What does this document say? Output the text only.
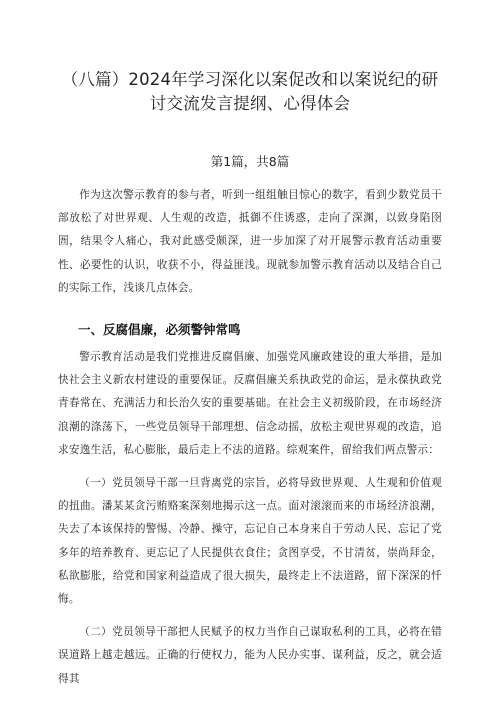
（八篇）2024年学习深化以案促改和以案说纪的研
讨交流发言提纲、心得体会
第1篇，共8篇

作为这次警示教育的参与者，听到一组组触目惊心的数字，看到少数党员干部放松了对世界观、人生观的改造，抵御不住诱惑，走向了深渊，以致身陷囹圄，结果令人痛心，我对此感受颇深，进一步加深了对开展警示教育活动重要性、必要性的认识，收获不小，得益匪浅。现就参加警示教育活动以及结合自己的实际工作，浅谈几点体会。

一、反腐倡廉，必须警钟常鸣

警示教育活动是我们党推进反腐倡廉、加强党风廉政建设的重大举措，是加快社会主义新农村建设的重要保证。反腐倡廉关系执政党的命运，是永葆执政党青春常在、充满活力和长治久安的重要基础。在社会主义初级阶段，在市场经济浪潮的涤荡下，一些党员领导干部理想、信念动摇，放松主观世界观的改造，追求安逸生活，私心膨胀，最后走上不法的道路。综观案件，留给我们两点警示：

（一）党员领导干部一旦背离党的宗旨，必将导致世界观、人生观和价值观的扭曲。潘某某贪污贿赂案深刻地揭示这一点。面对滚滚而来的市场经济浪潮，失去了本该保持的警惕、冷静、操守，忘记自己本身来自于劳动人民、忘记了党多年的培养教育、更忘记了人民提供衣食住；贪图享受，不甘清贫，崇尚拜金，私欲膨胀，给党和国家利益造成了很大损失，最终走上不法道路，留下深深的忏悔。

（二）党员领导干部把人民赋予的权力当作自己谋取私利的工具，必将在错误道路上越走越远。正确的行使权力，能为人民办实事、谋利益，反之，就会适得其
